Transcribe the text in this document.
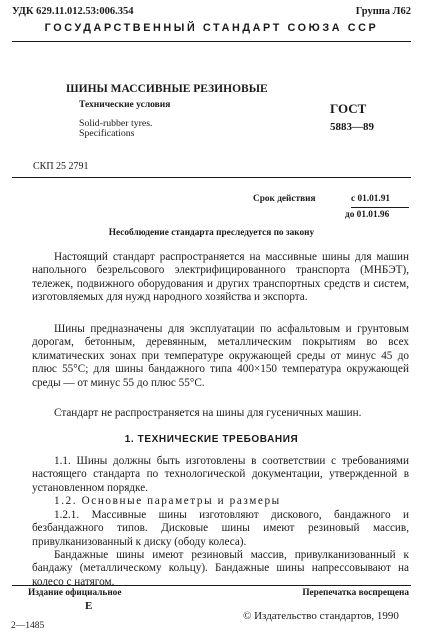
УДК 629.11.012.53:006.354	Группа Л62
ГОСУДАРСТВЕННЫЙ СТАНДАРТ СОЮЗА ССР
ШИНЫ МАССИВНЫЕ РЕЗИНОВЫЕ
Технические условия
Solid-rubber tyres.
Specifications
ГОСТ
5883—89
СКП 25 2791
Срок действия	с 01.01.91
до 01.01.96
Несоблюдение стандарта преследуется по закону
Настоящий стандарт распространяется на массивные шины для машин напольного безрельсового электрифицированного транспорта (МНБЭТ), тележек, подвижного оборудования и других транспортных средств и систем, изготовляемых для нужд народного хозяйства и экспорта.
Шины предназначены для эксплуатации по асфальтовым и грунтовым дорогам, бетонным, деревянным, металлическим покрытиям во всех климатических зонах при температуре окружающей среды от минус 45 до плюс 55°С; для шины бандажного типа 400×150 температура окружающей среды — от минус 55 до плюс 55°С.
Стандарт не распространяется на шины для гусеничных машин.
1. ТЕХНИЧЕСКИЕ ТРЕБОВАНИЯ
1.1. Шины должны быть изготовлены в соответствии с требованиями настоящего стандарта по технологической документации, утвержденной в установленном порядке.
1.2. Основные параметры и размеры
1.2.1. Массивные шины изготовляют дискового, бандажного и безбандажного типов. Дисковые шины имеют резиновый массив, привулканизованный к диску (ободу колеса).
Бандажные шины имеют резиновый массив, привулканизованный к бандажу (металлическому кольцу). Бандажные шины напрессовывают на колесо с натягом.
Издание официальное	Перепечатка воспрещена
Е
© Издательство стандартов, 1990
2—1485
